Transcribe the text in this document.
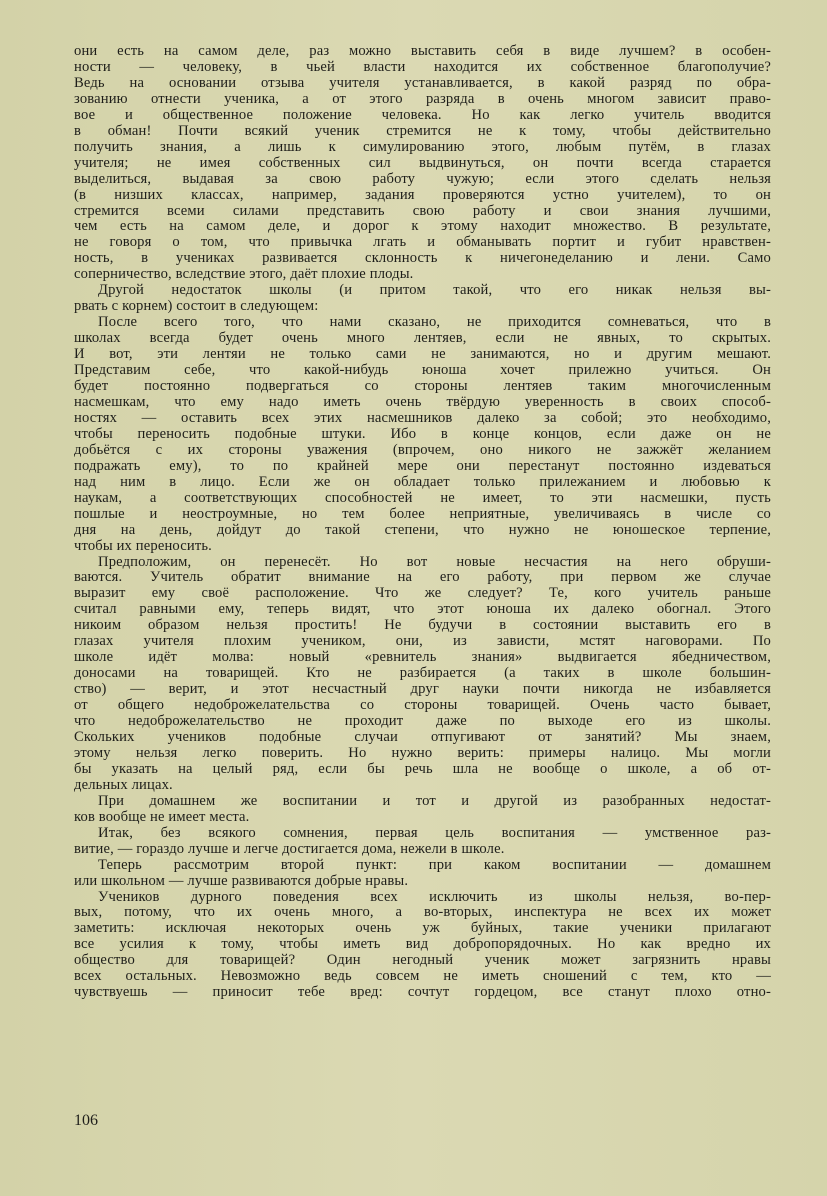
они есть на самом деле, раз можно выставить себя в виде лучшем? в особен-
ности — человеку, в чьей власти находится их собственное благополучие?
Ведь на основании отзыва учителя устанавливается, в какой разряд по обра-
зованию отнести ученика, а от этого разряда в очень многом зависит право-
вое и общественное положение человека. Но как легко учитель вводится
в обман! Почти всякий ученик стремится не к тому, чтобы действительно
получить знания, а лишь к симулированию этого, любым путём, в глазах
учителя; не имея собственных сил выдвинуться, он почти всегда старается
выделиться, выдавая за свою работу чужую; если этого сделать нельзя
(в низших классах, например, задания проверяются устно учителем), то он
стремится всеми силами представить свою работу и свои знания лучшими,
чем есть на самом деле, и дорог к этому находит множество. В результате,
не говоря о том, что привычка лгать и обманывать портит и губит нравствен-
ность, в учениках развивается склонность к ничегонеделанию и лени. Само
соперничество, вследствие этого, даёт плохие плоды.
Другой недостаток школы (и притом такой, что его никак нельзя вы-
рвать с корнем) состоит в следующем:
После всего того, что нами сказано, не приходится сомневаться, что в
школах всегда будет очень много лентяев, если не явных, то скрытых.
И вот, эти лентяи не только сами не занимаются, но и другим мешают.
Представим себе, что какой-нибудь юноша хочет прилежно учиться. Он
будет постоянно подвергаться со стороны лентяев таким многочисленным
насмешкам, что ему надо иметь очень твёрдую уверенность в своих способ-
ностях — оставить всех этих насмешников далеко за собой; это необходимо,
чтобы переносить подобные штуки. Ибо в конце концов, если даже он не
добьётся с их стороны уважения (впрочем, оно никого не зажжёт желанием
подражать ему), то по крайней мере они перестанут постоянно издеваться
над ним в лицо. Если же он обладает только прилежанием и любовью к
наукам, а соответствующих способностей не имеет, то эти насмешки, пусть
пошлые и неостроумные, но тем более неприятные, увеличиваясь в числе со
дня на день, дойдут до такой степени, что нужно не юношеское терпение,
чтобы их переносить.
Предположим, он перенесёт. Но вот новые несчастия на него обруши-
ваются. Учитель обратит внимание на его работу, при первом же случае
выразит ему своё расположение. Что же следует? Те, кого учитель раньше
считал равными ему, теперь видят, что этот юноша их далеко обогнал. Этого
никоим образом нельзя простить! Не будучи в состоянии выставить его в
глазах учителя плохим учеником, они, из зависти, мстят наговорами. По
школе идёт молва: новый «ревнитель знания» выдвигается ябедничеством,
доносами на товарищей. Кто не разбирается (а таких в школе большин-
ство) — верит, и этот несчастный друг науки почти никогда не избавляется
от общего недоброжелательства со стороны товарищей. Очень часто бывает,
что недоброжелательство не проходит даже по выходе его из школы.
Скольких учеников подобные случаи отпугивают от занятий? Мы знаем,
этому нельзя легко поверить. Но нужно верить: примеры налицо. Мы могли
бы указать на целый ряд, если бы речь шла не вообще о школе, а об от-
дельных лицах.
При домашнем же воспитании и тот и другой из разобранных недостат-
ков вообще не имеет места.
Итак, без всякого сомнения, первая цель воспитания — умственное раз-
витие, — гораздо лучше и легче достигается дома, нежели в школе.
Теперь рассмотрим второй пункт: при каком воспитании — домашнем
или школьном — лучше развиваются добрые нравы.
Учеников дурного поведения всех исключить из школы нельзя, во-пер-
вых, потому, что их очень много, а во-вторых, инспектура не всех их может
заметить: исключая некоторых очень уж буйных, такие ученики прилагают
все усилия к тому, чтобы иметь вид добропорядочных. Но как вредно их
общество для товарищей? Один негодный ученик может загрязнить нравы
всех остальных. Невозможно ведь совсем не иметь сношений с тем, кто —
чувствуешь — приносит тебе вред: сочтут гордецом, все станут плохо отно-
106
